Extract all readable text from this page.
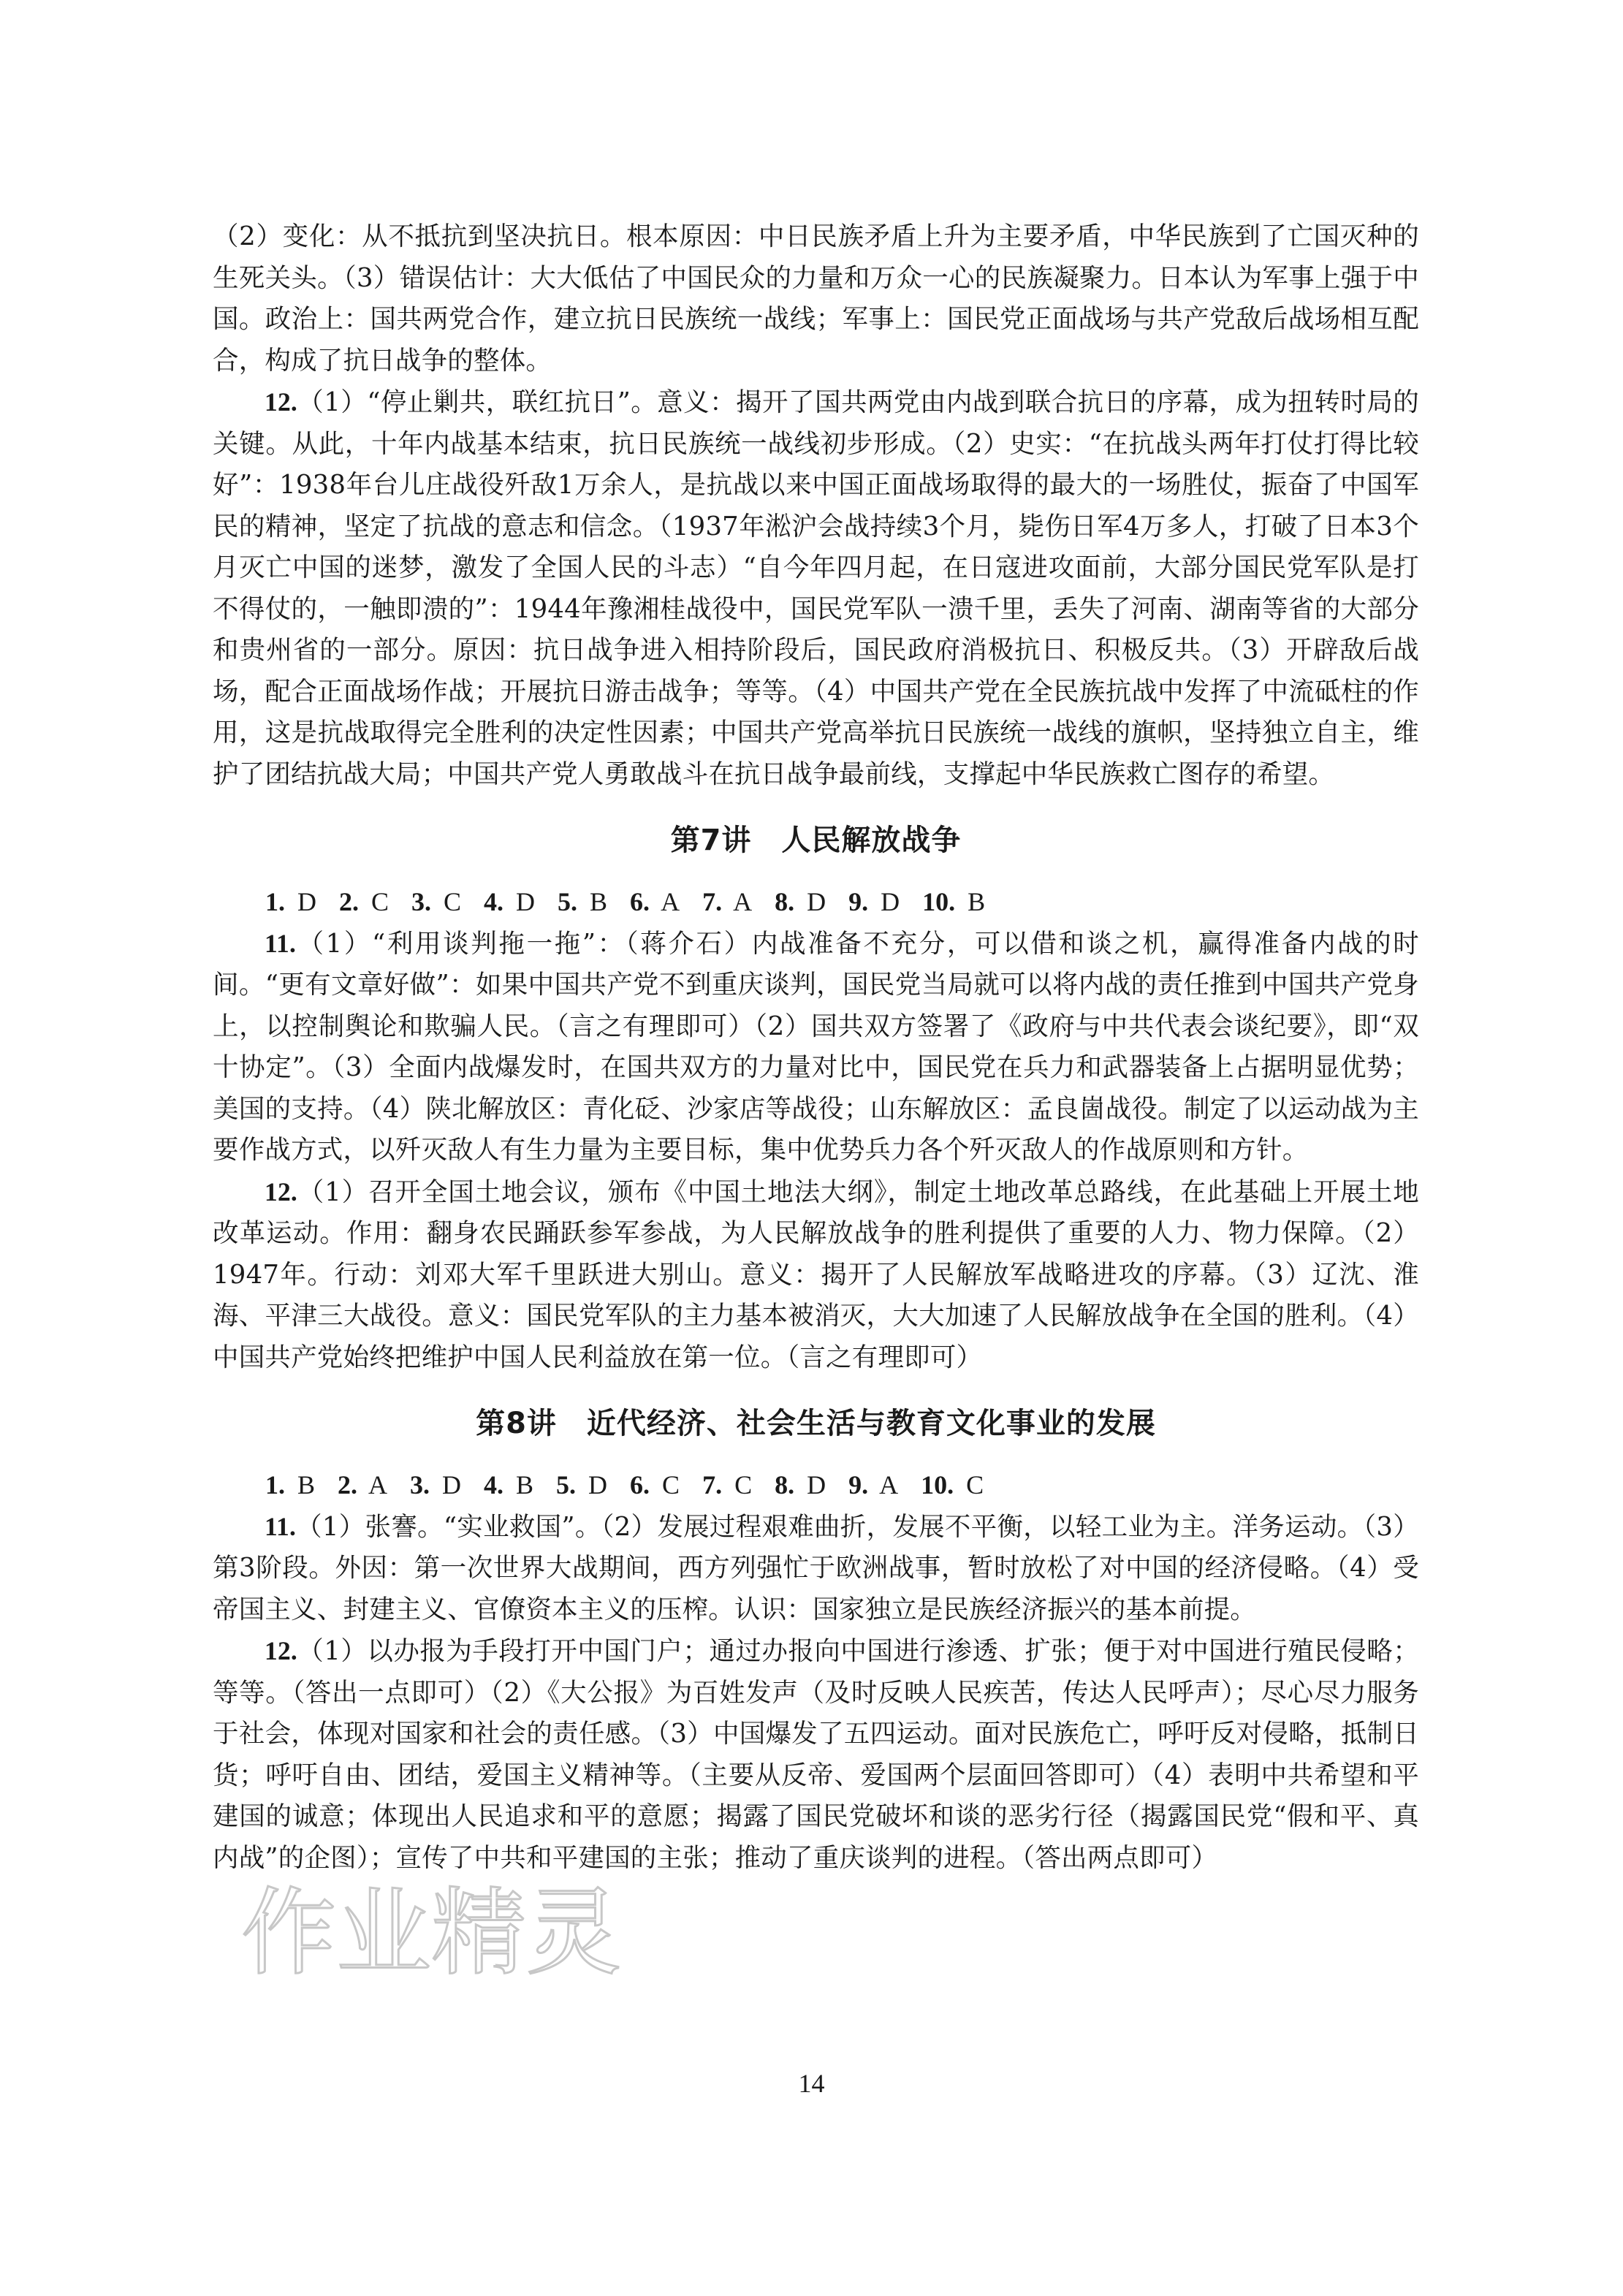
（2）变化：从不抵抗到坚决抗日。根本原因：中日民族矛盾上升为主要矛盾，中华民族到了亡国灭种的生死关头。（3）错误估计：大大低估了中国民众的力量和万众一心的民族凝聚力。日本认为军事上强于中国。政治上：国共两党合作，建立抗日民族统一战线；军事上：国民党正面战场与共产党敌后战场相互配合，构成了抗日战争的整体。

12.（1）“停止剿共，联红抗日”。意义：揭开了国共两党由内战到联合抗日的序幕，成为扭转时局的关键。从此，十年内战基本结束，抗日民族统一战线初步形成。（2）史实：“在抗战头两年打仗打得比较好”：1938年台儿庄战役歼敌1万余人，是抗战以来中国正面战场取得的最大的一场胜仗，振奋了中国军民的精神，坚定了抗战的意志和信念。（1937年淞沪会战持续3个月，毙伤日军4万多人，打破了日本3个月灭亡中国的迷梦，激发了全国人民的斗志）“自今年四月起，在日寇进攻面前，大部分国民党军队是打不得仗的，一触即溃的”：1944年豫湘桂战役中，国民党军队一溃千里，丢失了河南、湖南等省的大部分和贵州省的一部分。原因：抗日战争进入相持阶段后，国民政府消极抗日、积极反共。（3）开辟敌后战场，配合正面战场作战；开展抗日游击战争；等等。（4）中国共产党在全民族抗战中发挥了中流砥柱的作用，这是抗战取得完全胜利的决定性因素；中国共产党高举抗日民族统一战线的旗帜，坚持独立自主，维护了团结抗战大局；中国共产党人勇敢战斗在抗日战争最前线，支撑起中华民族救亡图存的希望。

第7讲　人民解放战争

1. D 2. C 3. C 4. D 5. B 6. A 7. A 8. D 9. D 10. B

11.（1）“利用谈判拖一拖”：（蒋介石）内战准备不充分，可以借和谈之机，赢得准备内战的时间。“更有文章好做”：如果中国共产党不到重庆谈判，国民党当局就可以将内战的责任推到中国共产党身上，以控制舆论和欺骗人民。（言之有理即可）（2）国共双方签署了《政府与中共代表会谈纪要》，即“双十协定”。（3）全面内战爆发时，在国共双方的力量对比中，国民党在兵力和武器装备上占据明显优势；美国的支持。（4）陕北解放区：青化砭、沙家店等战役；山东解放区：孟良崮战役。制定了以运动战为主要作战方式，以歼灭敌人有生力量为主要目标，集中优势兵力各个歼灭敌人的作战原则和方针。

12.（1）召开全国土地会议，颁布《中国土地法大纲》，制定土地改革总路线，在此基础上开展土地改革运动。作用：翻身农民踊跃参军参战，为人民解放战争的胜利提供了重要的人力、物力保障。（2）1947年。行动：刘邓大军千里跃进大别山。意义：揭开了人民解放军战略进攻的序幕。（3）辽沈、淮海、平津三大战役。意义：国民党军队的主力基本被消灭，大大加速了人民解放战争在全国的胜利。（4）中国共产党始终把维护中国人民利益放在第一位。（言之有理即可）

第8讲　近代经济、社会生活与教育文化事业的发展

1. B 2. A 3. D 4. B 5. D 6. C 7. C 8. D 9. A 10. C

11.（1）张謇。“实业救国”。（2）发展过程艰难曲折，发展不平衡，以轻工业为主。洋务运动。（3）第3阶段。外因：第一次世界大战期间，西方列强忙于欧洲战事，暂时放松了对中国的经济侵略。（4）受帝国主义、封建主义、官僚资本主义的压榨。认识：国家独立是民族经济振兴的基本前提。

12.（1）以办报为手段打开中国门户；通过办报向中国进行渗透、扩张；便于对中国进行殖民侵略；等等。（答出一点即可）（2）《大公报》为百姓发声（及时反映人民疾苦，传达人民呼声）；尽心尽力服务于社会，体现对国家和社会的责任感。（3）中国爆发了五四运动。面对民族危亡，呼吁反对侵略，抵制日货；呼吁自由、团结，爱国主义精神等。（主要从反帝、爱国两个层面回答即可）（4）表明中共希望和平建国的诚意；体现出人民追求和平的意愿；揭露了国民党破坏和谈的恶劣行径（揭露国民党“假和平、真内战”的企图）；宣传了中共和平建国的主张；推动了重庆谈判的进程。（答出两点即可）

作业精灵
14
